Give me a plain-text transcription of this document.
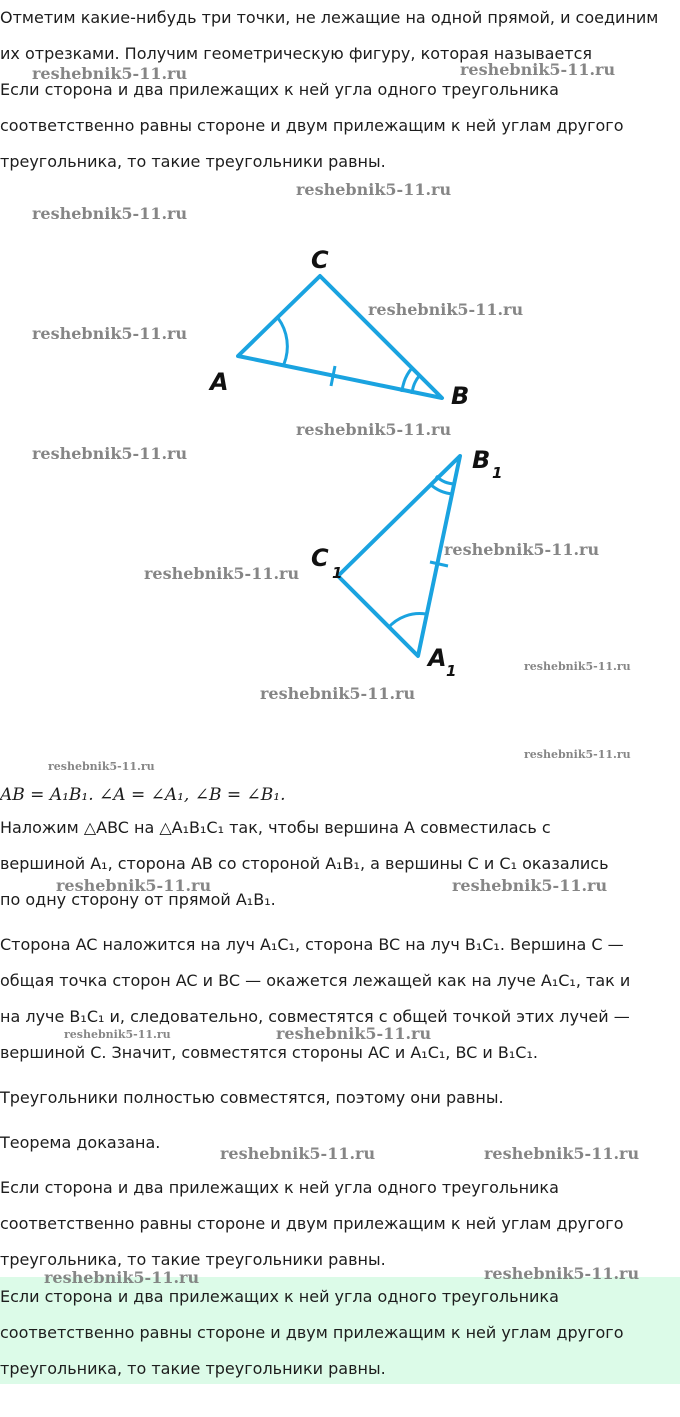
Отметим какие-нибудь три точки, не лежащие на одной прямой, и соединим
их отрезками. Получим геометрическую фигуру, которая называется
Если сторона и два прилежащих к ней угла одного треугольника
соответственно равны стороне и двум прилежащим к ней углам другого
треугольника, то такие треугольники равны.
C
A	B
B 1
C
1
A 1
AB = A₁B₁. ∠A = ∠A₁, ∠B = ∠B₁.
Наложим △ABC на △A₁B₁C₁ так, чтобы вершина A совместилась с
вершиной A₁, сторона AB со стороной A₁B₁, а вершины C и C₁ оказались
по одну сторону от прямой A₁B₁.
Сторона AC наложится на луч A₁C₁, сторона BC на луч B₁C₁. Вершина C —
общая точка сторон AC и BC — окажется лежащей как на луче A₁C₁, так и
на луче B₁C₁ и, следовательно, совместятся с общей точкой этих лучей —
вершиной C. Значит, совместятся стороны AC и A₁C₁, BC и B₁C₁.
Треугольники полностью совместятся, поэтому они равны.
Теорема доказана.
Если сторона и два прилежащих к ней угла одного треугольника
соответственно равны стороне и двум прилежащим к ней углам другого
треугольника, то такие треугольники равны.
Если сторона и два прилежащих к ней угла одного треугольника
соответственно равны стороне и двум прилежащим к ней углам другого
треугольника, то такие треугольники равны.
reshebnik5-11.ru	reshebnik5-11.ru
reshebnik5-11.ru
reshebnik5-11.ru
reshebnik5-11.ru
reshebnik5-11.ru
reshebnik5-11.ru
reshebnik5-11.ru
reshebnik5-11.ru
reshebnik5-11.ru
reshebnik5-11.ru
reshebnik5-11.ru
reshebnik5-11.ru
reshebnik5-11.ru
reshebnik5-11.ru	reshebnik5-11.ru
reshebnik5-11.ru	reshebnik5-11.ru
reshebnik5-11.ru	reshebnik5-11.ru
reshebnik5-11.ru	reshebnik5-11.ru
